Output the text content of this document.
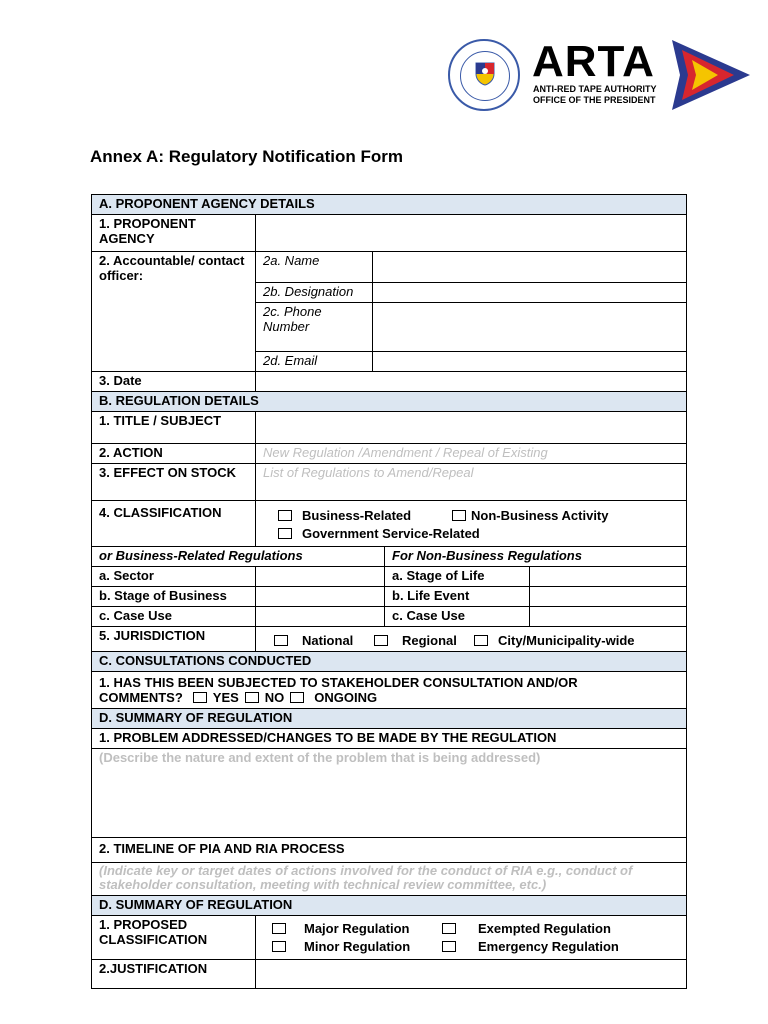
ARTA
ANTI-RED TAPE AUTHORITY
OFFICE OF THE PRESIDENT
Annex A: Regulatory Notification Form
A. PROPONENT AGENCY DETAILS				
1. PROPONENT AGENCY				
2. Accountable/ contact officer:	2a. Name			
	2b. Designation			
	2c. Phone Number			
	2d. Email			
3. Date				
B. REGULATION DETAILS				
1. TITLE / SUBJECT				
2. ACTION	New Regulation /Amendment / Repeal of Existing			
3. EFFECT ON STOCK	List of Regulations to Amend/Repeal			
4. CLASSIFICATION	Business-Related Non-Business Activity
Government Service-Related			

or Business-Related Regulations			For Non-Business Regulations	
a. Sector			a. Stage of Life	
b. Stage of Business			b. Life Event	
c. Case Use			c. Case Use	
5. JURISDICTION	National Regional City/Municipality-wide			

C. CONSULTATIONS CONDUCTED				

1. HAS THIS BEEN SUBJECTED TO STAKEHOLDER CONSULTATION AND/OR
COMMENTS? YES NO ONGOING				

D. SUMMARY OF REGULATION				
1. PROBLEM ADDRESSED/CHANGES TO BE MADE BY THE REGULATION				
(Describe the nature and extent of the problem that is being addressed)				
2. TIMELINE OF PIA AND RIA PROCESS				
(Indicate key or target dates of actions involved for the conduct of RIA e.g., conduct of stakeholder consultation, meeting with technical review committee, etc.)				
D. SUMMARY OF REGULATION				
1. PROPOSED CLASSIFICATION	Major Regulation Exempted Regulation
Minor Regulation Emergency Regulation			

2.JUSTIFICATION				
